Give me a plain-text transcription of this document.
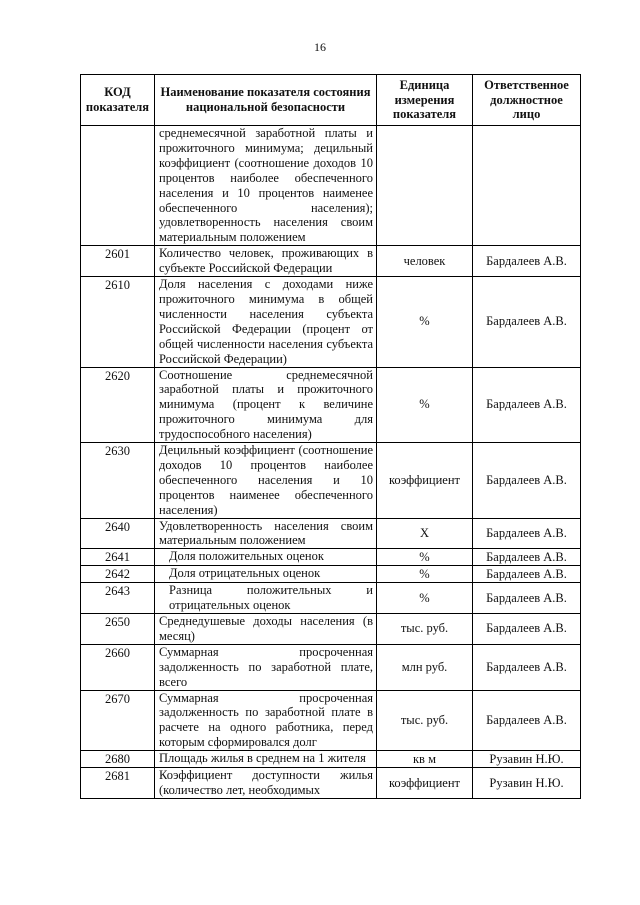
16
КОД показателя	Наименование показателя состояния национальной безопасности	Единица измерения показателя	Ответственное должностное лицо
	среднемесячной заработной платы и прожиточного минимума; децильный коэффициент (соотношение доходов 10 процентов наиболее обеспеченного населения и 10 процентов наименее обеспеченного населения); удовлетворенность населения своим материальным положением		
2601	Количество человек, проживающих в субъекте Российской Федерации	человек	Бардалеев А.В.
2610	Доля населения с доходами ниже прожиточного минимума в общей численности населения субъекта Российской Федерации (процент от общей численности населения субъекта Российской Федерации)	%	Бардалеев А.В.
2620	Соотношение среднемесячной заработной платы и прожиточного минимума (процент к величине прожиточного минимума для трудоспособного населения)	%	Бардалеев А.В.
2630	Децильный коэффициент (соотношение доходов 10 процентов наиболее обеспеченного населения и 10 процентов наименее обеспеченного населения)	коэффициент	Бардалеев А.В.
2640	Удовлетворенность населения своим материальным положением	X	Бардалеев А.В.
2641	Доля положительных оценок	%	Бардалеев А.В.
2642	Доля отрицательных оценок	%	Бардалеев А.В.
2643	Разница положительных и отрицательных оценок	%	Бардалеев А.В.
2650	Среднедушевые доходы населения (в месяц)	тыс. руб.	Бардалеев А.В.
2660	Суммарная просроченная задолженность по заработной плате, всего	млн руб.	Бардалеев А.В.
2670	Суммарная просроченная задолженность по заработной плате в расчете на одного работника, перед которым сформировался долг	тыс. руб.	Бардалеев А.В.
2680	Площадь жилья в среднем на 1 жителя	кв м	Рузавин Н.Ю.
2681	Коэффициент доступности жилья (количество лет, необходимых	коэффициент	Рузавин Н.Ю.
